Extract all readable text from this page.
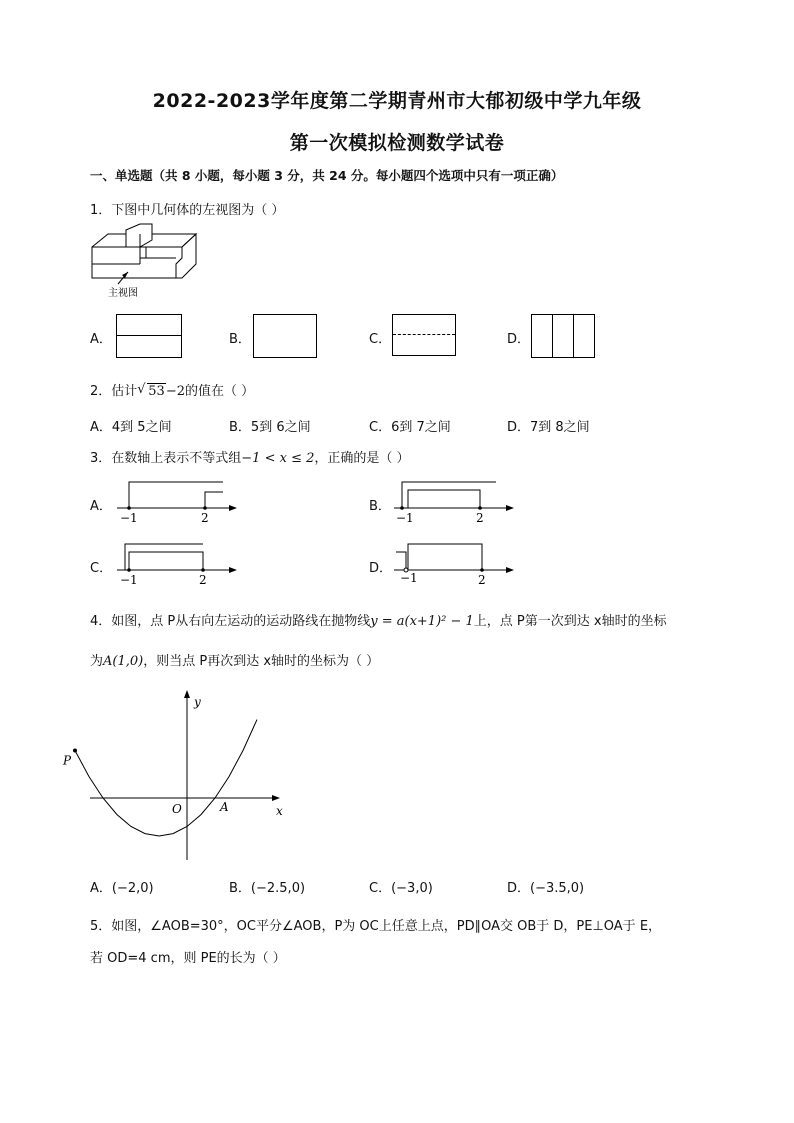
2022-2023学年度第二学期青州市大郁初级中学九年级
第一次模拟检测数学试卷
一、单选题（共 8 小题，每小题 3 分，共 24 分。每小题四个选项中只有一项正确）
1．下图中几何体的左视图为（ ）
主视图
A．	B．	C．	D．
2．估计 √ 53−2的值在（ ）
A．4到 5之间	B．5到 6之间	C．6到 7之间	D．7到 8之间
3．在数轴上表示不等式组−1 < x ≤ 2，正确的是（ ）
A．
−1	2
B．
−1	2
C．
−1	2
D．
−1	2
4．如图，点 P从右向左运动的运动路线在抛物线y = a(x+1)² − 1上，点 P第一次到达 x轴时的坐标
为A(1,0)，则当点 P再次到达 x轴时的坐标为（ ）
y
x
O	A
P
A．(−2,0)	B．(−2.5,0)	C．(−3,0)	D．(−3.5,0)
5．如图，∠AOB=30°，OC平分∠AOB，P为 OC上任意上点，PD∥OA交 OB于 D，PE⊥OA于 E，
若 OD=4 cm，则 PE的长为（ ）
